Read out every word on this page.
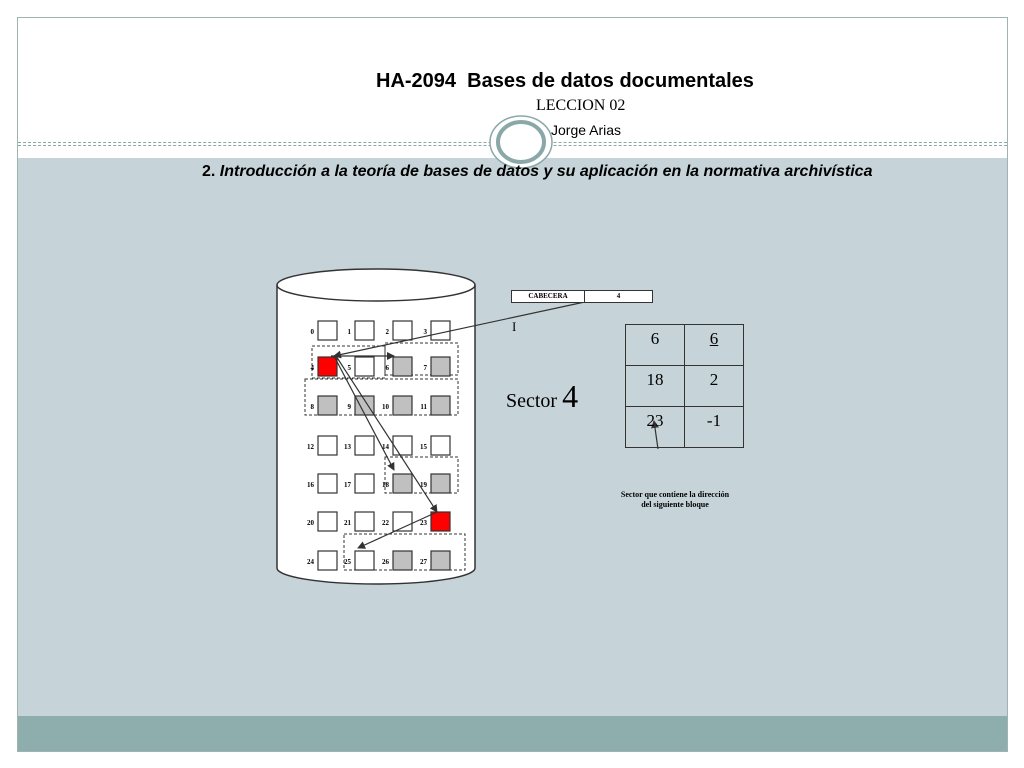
HA-2094  Bases de datos documentales
LECCION 02
Jorge Arias
2. Introducción a la teoría de bases de datos y su aplicación en la normativa archivística
0	1	2	3
4	5	6	7
8	9	10	11
12	13	14	15
16	17	18	19
20	21	22	23
24	25	26	27
CABECERA	4
I
Sector 4
6	6
18	2
23	-1
Sector que contiene la dirección del siguiente bloque
